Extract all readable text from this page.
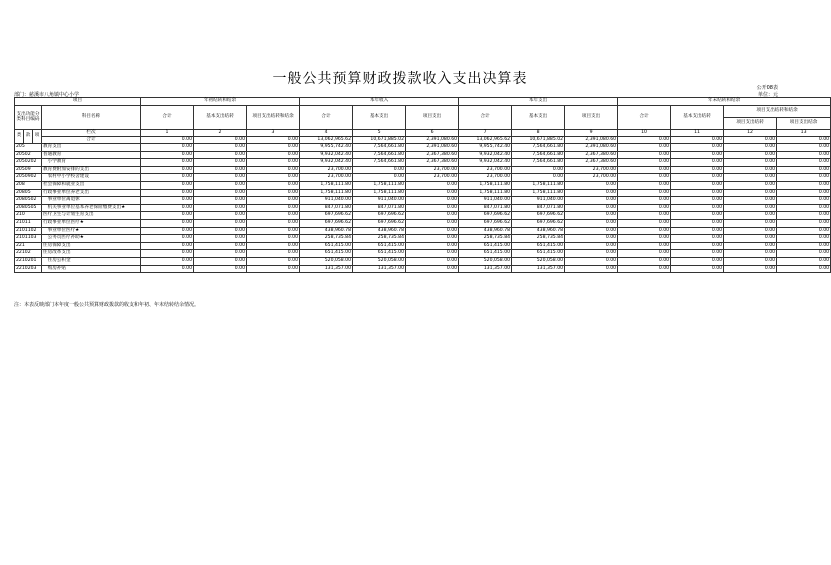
一般公共预算财政拨款收入支出决算表
公开08表
部门：慈溪市八角镇中心小学	单位：元
项目				年初结转和结余			本年收入			本年支出			年末结转和结余			
支出功能分类科目编码			科目名称	合计	基本支出结转	项目支出结转和结余	合计	基本支出	项目支出	合计	基本支出	项目支出	合计	基本支出结转	项目支出结转和结余	
															项目支出结转	项目支出结余
类	款	项	栏次	1	2	3	4	5	6	7	8	9	10	11	12	13
			合计	0.00	0.00	0.00	13,062,965.62	10,671,885.02	2,391,080.60	13,062,965.62	10,671,885.02	2,391,080.60	0.00	0.00	0.00	0.00
205			教育支出	0.00	0.00	0.00	9,955,742.40	7,564,661.80	2,391,080.60	9,955,742.40	7,564,661.80	2,391,080.60	0.00	0.00	0.00	0.00
20502			普通教育	0.00	0.00	0.00	9,932,042.40	7,564,661.80	2,367,380.60	9,932,042.40	7,564,661.80	2,367,380.60	0.00	0.00	0.00	0.00
2050202			　小学教育	0.00	0.00	0.00	9,932,042.40	7,564,661.80	2,367,380.60	9,932,042.40	7,564,661.80	2,367,380.60	0.00	0.00	0.00	0.00
20509			教育费附加安排的支出	0.00	0.00	0.00	23,700.00	0.00	23,700.00	23,700.00	0.00	23,700.00	0.00	0.00	0.00	0.00
2050902			　农村中小学校舍建设	0.00	0.00	0.00	23,700.00	0.00	23,700.00	23,700.00	0.00	23,700.00	0.00	0.00	0.00	0.00
208			社会保障和就业支出	0.00	0.00	0.00	1,758,111.80	1,758,111.80	0.00	1,758,111.80	1,758,111.80	0.00	0.00	0.00	0.00	0.00
20805			行政事业单位养老支出	0.00	0.00	0.00	1,758,111.80	1,758,111.80	0.00	1,758,111.80	1,758,111.80	0.00	0.00	0.00	0.00	0.00
2080502			　事业单位离退休	0.00	0.00	0.00	911,040.00	911,040.00	0.00	911,040.00	911,040.00	0.00	0.00	0.00	0.00	0.00
2080505			　机关事业单位基本养老保险缴费支出★	0.00	0.00	0.00	847,071.80	847,071.80	0.00	847,071.80	847,071.80	0.00	0.00	0.00	0.00	0.00
210			医疗卫生与计划生育支出	0.00	0.00	0.00	697,696.62	697,696.62	0.00	697,696.62	697,696.62	0.00	0.00	0.00	0.00	0.00
21011			行政事业单位医疗★	0.00	0.00	0.00	697,696.62	697,696.62	0.00	697,696.62	697,696.62	0.00	0.00	0.00	0.00	0.00
2101102			　事业单位医疗★	0.00	0.00	0.00	438,960.78	438,960.78	0.00	438,960.78	438,960.78	0.00	0.00	0.00	0.00	0.00
2101103			　公务员医疗补助★	0.00	0.00	0.00	258,735.84	258,735.84	0.00	258,735.84	258,735.84	0.00	0.00	0.00	0.00	0.00
221			住房保障支出	0.00	0.00	0.00	651,415.00	651,415.00	0.00	651,415.00	651,415.00	0.00	0.00	0.00	0.00	0.00
22102			住房改革支出	0.00	0.00	0.00	651,415.00	651,415.00	0.00	651,415.00	651,415.00	0.00	0.00	0.00	0.00	0.00
2210201			　住房公积金	0.00	0.00	0.00	520,058.00	520,058.00	0.00	520,058.00	520,058.00	0.00	0.00	0.00	0.00	0.00
2210203			　购房补贴	0.00	0.00	0.00	131,357.00	131,357.00	0.00	131,357.00	131,357.00	0.00	0.00	0.00	0.00	0.00
注：本表反映部门本年度一般公共预算财政拨款的收支和年初、年末结转结余情况。
